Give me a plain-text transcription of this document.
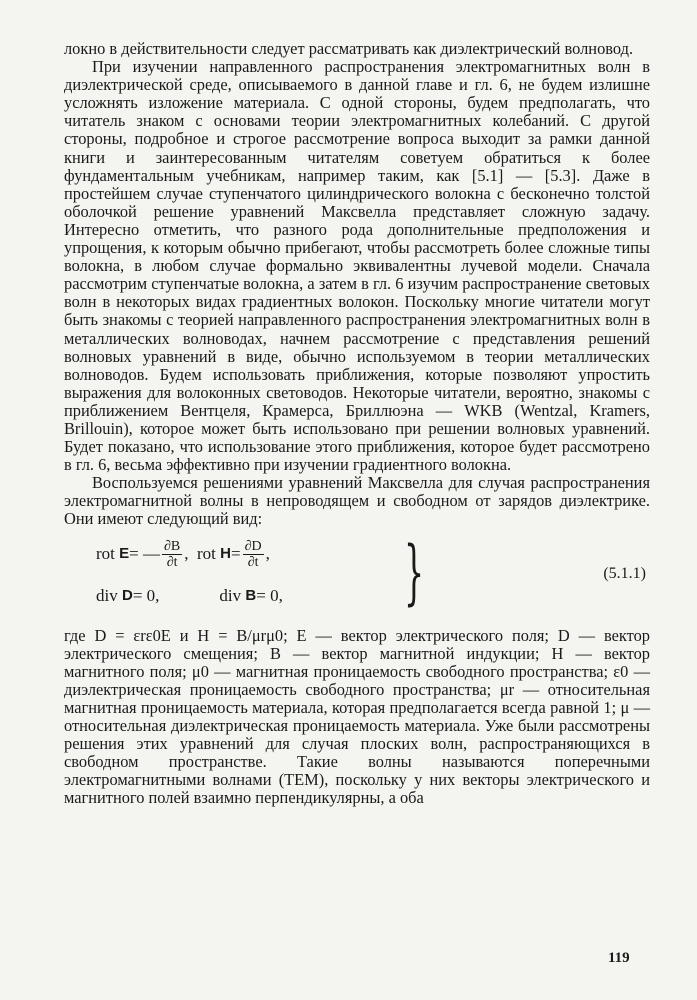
локно в действительности следует рассматривать как диэлектрический волновод.

При изучении направленного распространения электромагнитных волн в диэлектрической среде, описываемого в данной главе и гл. 6, не будем излишне усложнять изложение материала. С одной стороны, будем предполагать, что читатель знаком с основами теории электромагнитных колебаний. С другой стороны, подробное и строгое рассмотрение вопроса выходит за рамки данной книги и заинтересованным читателям советуем обратиться к более фундаментальным учебникам, например таким, как [5.1] — [5.3]. Даже в простейшем случае ступенчатого цилиндрического волокна с бесконечно толстой оболочкой решение уравнений Максвелла представляет сложную задачу. Интересно отметить, что разного рода дополнительные предположения и упрощения, к которым обычно прибегают, чтобы рассмотреть более сложные типы волокна, в любом случае формально эквивалентны лучевой модели. Сначала рассмотрим ступенчатые волокна, а затем в гл. 6 изучим распространение световых волн в некоторых видах градиентных волокон. Поскольку многие читатели могут быть знакомы с теорией направленного распространения электромагнитных волн в металлических волноводах, начнем рассмотрение с представления решений волновых уравнений в виде, обычно используемом в теории металлических волноводов. Будем использовать приближения, которые позволяют упростить выражения для волоконных световодов. Некоторые читатели, вероятно, знакомы с приближением Вентцеля, Крамерса, Бриллюэна — WKB (Wentzal, Kramers, Brillouin), которое может быть использовано при решении волновых уравнений. Будет показано, что использование этого приближения, которое будет рассмотрено в гл. 6, весьма эффективно при изучении градиентного волокна.

Воспользуемся решениями уравнений Максвелла для случая распространения электромагнитной волны в непроводящем и свободном от зарядов диэлектрике. Они имеют следующий вид:

rot
E = — $\frac{\partial B}{\partial t}$ ,
rot
$H = \frac{\partial D}{\partial t}$ ,
div
D = 0,	div
B = 0, }	(5.1.1)

где D = εrε0E и H = B/μrμ0; E — вектор электрического поля; D — вектор электрического смещения; B — вектор магнитной индукции; H — вектор магнитного поля; μ0 — магнитная проницаемость свободного пространства; ε0 — диэлектрическая проницаемость свободного пространства; μr — относительная магнитная проницаемость материала, которая предполагается всегда равной 1; μ — относительная диэлектрическая проницаемость материала. Уже были рассмотрены решения этих уравнений для случая плоских волн, распространяющихся в свободном пространстве. Такие волны называются поперечными электромагнитными волнами (TEM), поскольку у них векторы электрического и магнитного полей взаимно перпендикулярны, а оба

119
